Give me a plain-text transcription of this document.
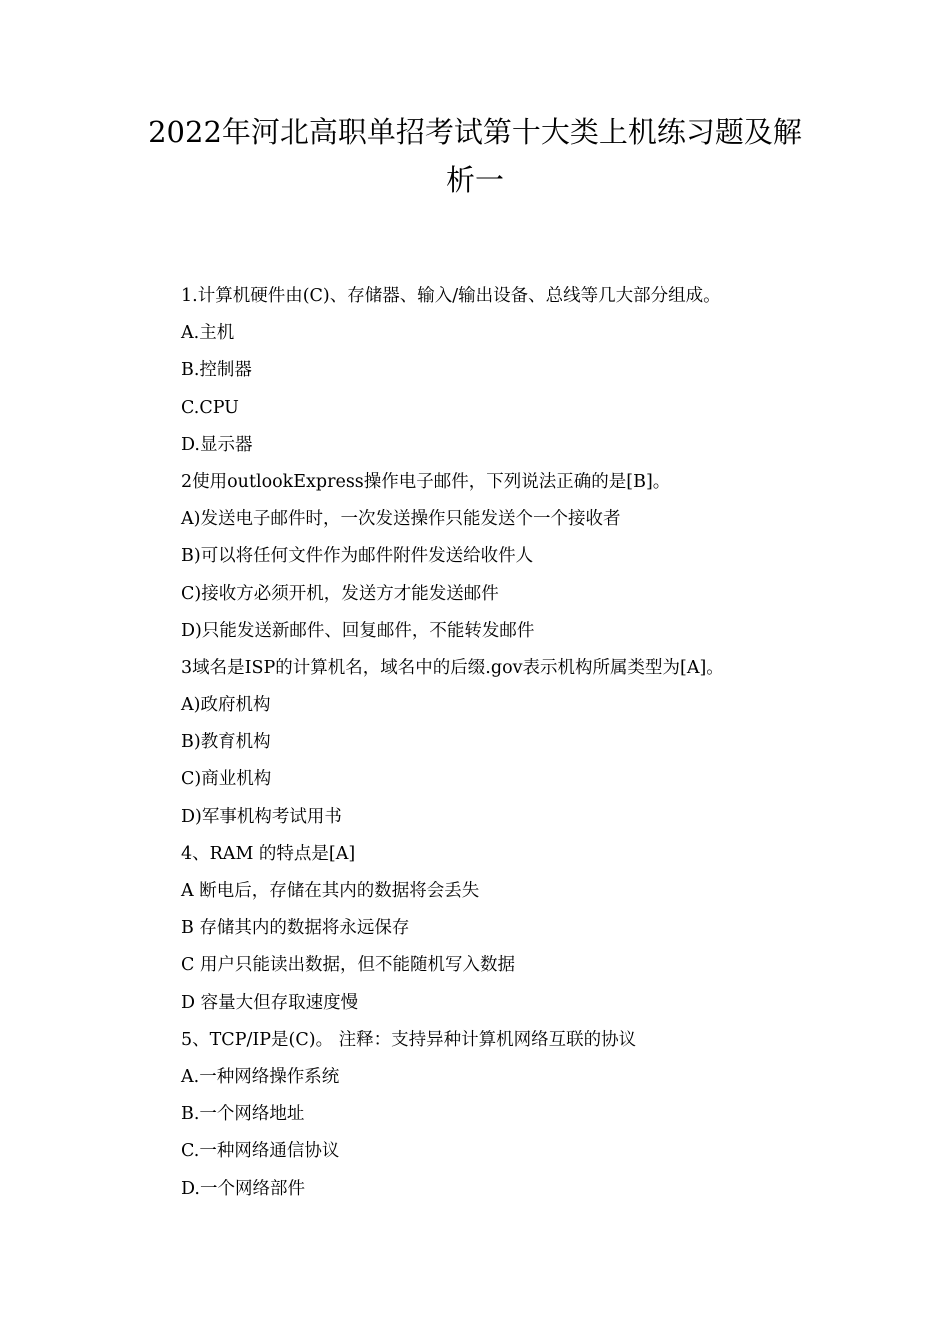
2022年河北高职单招考试第十大类上机练习题及解
析一
1.计算机硬件由(C)、存储器、输入/输出设备、总线等几大部分组成。
A.主机
B.控制器
C.CPU
D.显示器
2使用outlookExpress操作电子邮件，下列说法正确的是[B]。
A)发送电子邮件时，一次发送操作只能发送个一个接收者
B)可以将任何文件作为邮件附件发送给收件人
C)接收方必须开机，发送方才能发送邮件
D)只能发送新邮件、回复邮件，不能转发邮件
3域名是ISP的计算机名，域名中的后缀.gov表示机构所属类型为[A]。
A)政府机构
B)教育机构
C)商业机构
D)军事机构考试用书
4、RAM 的特点是[A]
A 断电后，存储在其内的数据将会丢失
B 存储其内的数据将永远保存
C 用户只能读出数据，但不能随机写入数据
D 容量大但存取速度慢
5、TCP/IP是(C)。 注释：支持异种计算机网络互联的协议
A.一种网络操作系统
B.一个网络地址
C.一种网络通信协议
D.一个网络部件
